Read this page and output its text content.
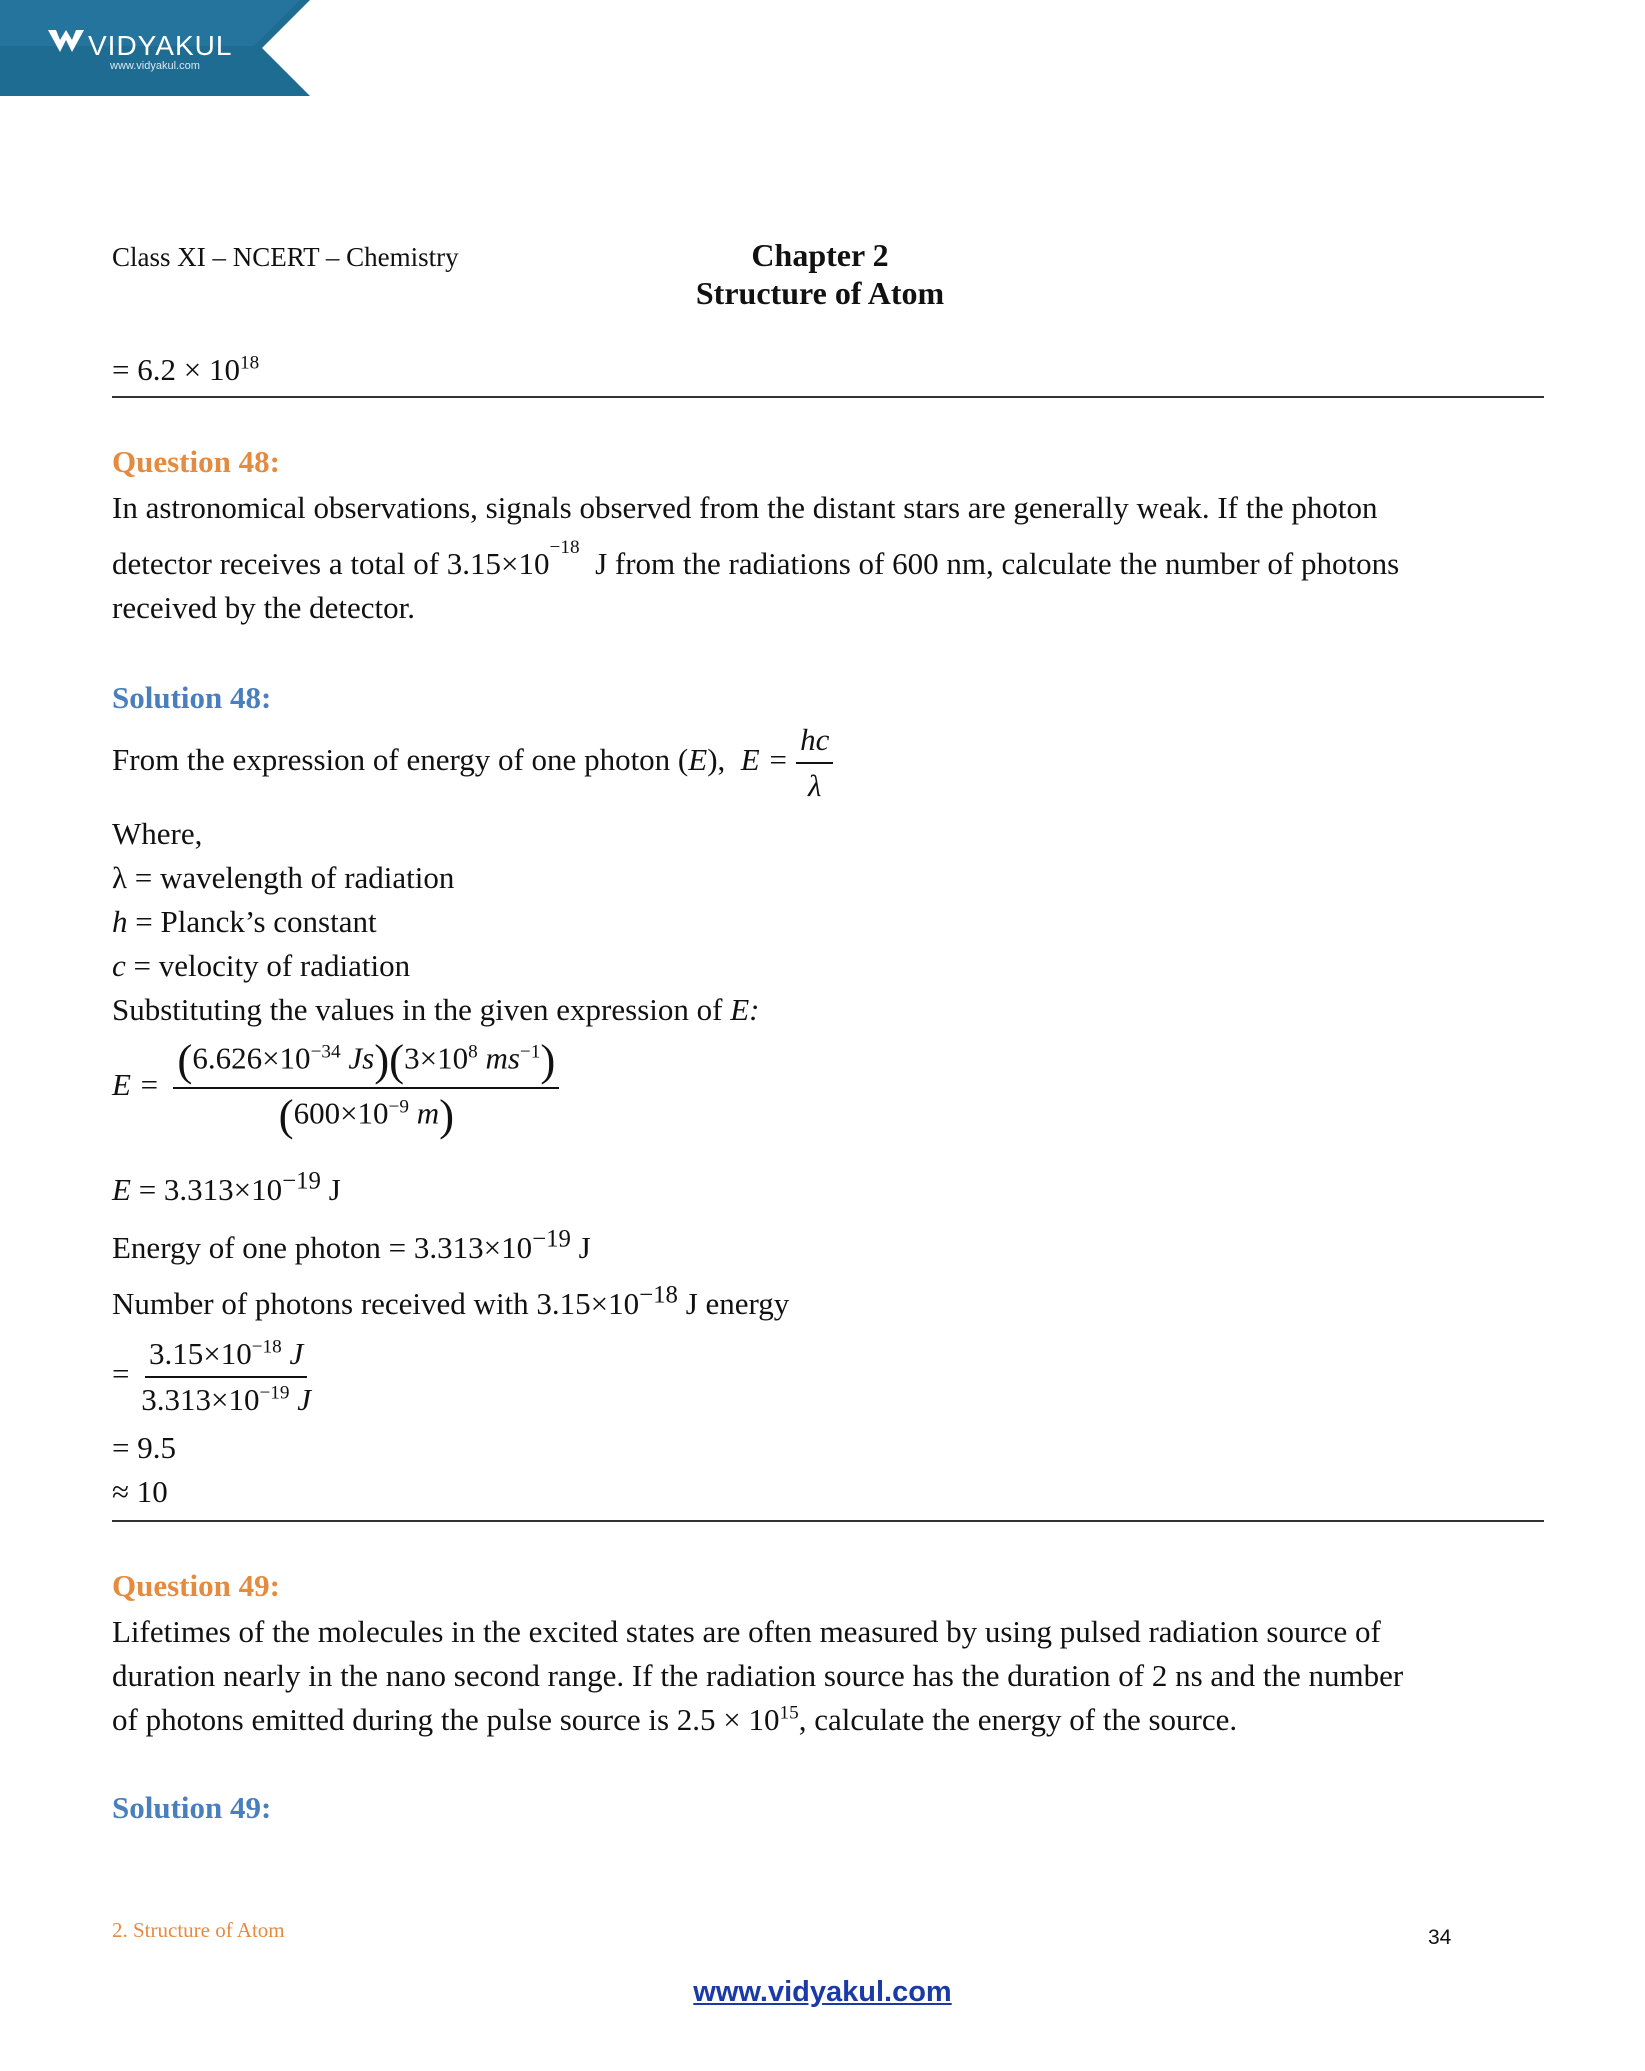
VIDYAKUL
www.vidyakul.com
Class XI – NCERT – Chemistry	Chapter 2
Structure of Atom
= $6.2 \times 10^{18}$
Question 48:
In astronomical observations, signals observed from the distant stars are generally weak. If the photon
detector receives a total of $3.15\times 10^{-18}$ J from the radiations of 600 nm, calculate the number of photons
received by the detector.
Solution 48:
From the expression of energy of one photon (E), $E = \frac{hc}{\lambda}$
Where,
λ = wavelength of radiation
h = Planck’s constant
c = velocity of radiation
Substituting the values in the given expression of E:
$E = \frac{(6.626\times 10^{-34} Js)(3\times 10^8 ms^{-1})}{(600\times 10^{-9} m)}$
$E = 3.313\times 10^{-19}$ J
Energy of one photon = $3.313\times 10^{-19}$ J
Number of photons received with $3.15\times 10^{-18}$ J energy
= $\frac{3.15\times 10^{-18} J}{3.313\times 10^{-19} J}$
= 9.5
≈ 10
Question 49:
Lifetimes of the molecules in the excited states are often measured by using pulsed radiation source of
duration nearly in the nano second range. If the radiation source has the duration of 2 ns and the number
of photons emitted during the pulse source is $2.5 \times 10^{15}$, calculate the energy of the source.
Solution 49:
2. Structure of Atom	34
www.vidyakul.com
